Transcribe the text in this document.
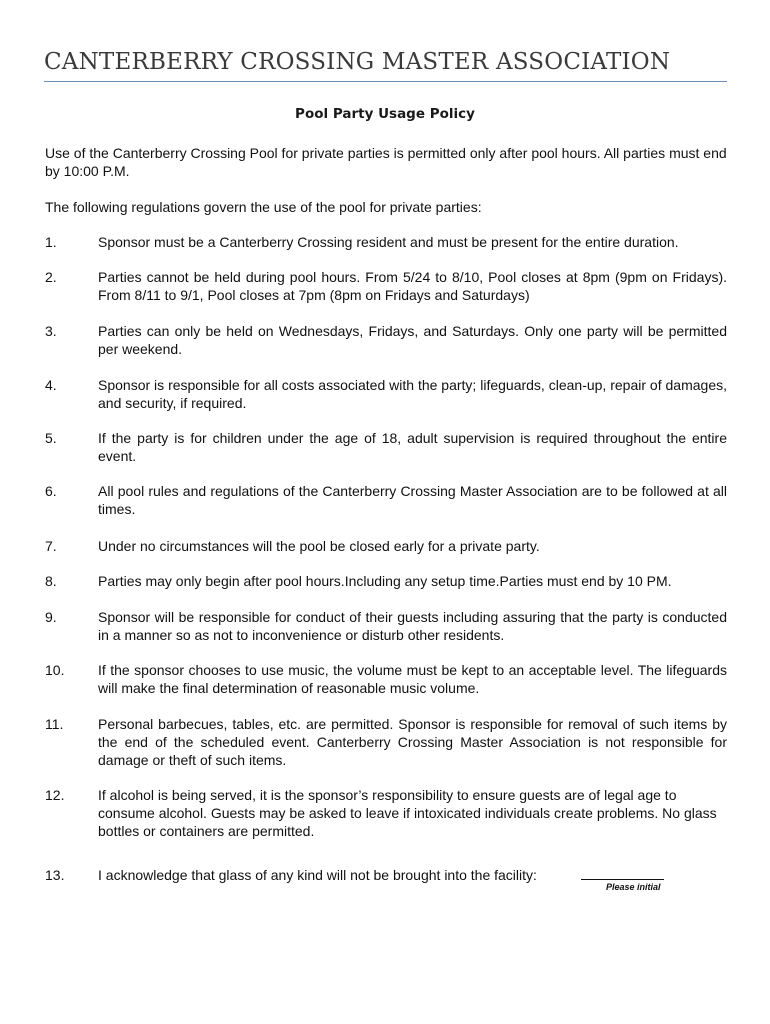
CANTERBERRY CROSSING MASTER ASSOCIATION
Pool Party Usage Policy
Use of the Canterberry Crossing Pool for private parties is permitted only after pool hours. All parties must end by 10:00 P.M.
The following regulations govern the use of the pool for private parties:
1.	Sponsor must be a Canterberry Crossing resident and must be present for the entire duration.
2.	Parties cannot be held during pool hours. From 5/24 to 8/10, Pool closes at 8pm (9pm on Fridays). From 8/11 to 9/1, Pool closes at 7pm (8pm on Fridays and Saturdays)
3.	Parties can only be held on Wednesdays, Fridays, and Saturdays. Only one party will be permitted per weekend.
4.	Sponsor is responsible for all costs associated with the party; lifeguards, clean-up, repair of damages, and security, if required.
5.	If the party is for children under the age of 18, adult supervision is required throughout the entire event.
6.	All pool rules and regulations of the Canterberry Crossing Master Association are to be followed at all times.
7.	Under no circumstances will the pool be closed early for a private party.
8.	Parties may only begin after pool hours.Including any setup time.Parties must end by 10 PM.
9.	Sponsor will be responsible for conduct of their guests including assuring that the party is conducted in a manner so as not to inconvenience or disturb other residents.
10.	If the sponsor chooses to use music, the volume must be kept to an acceptable level. The lifeguards will make the final determination of reasonable music volume.
11.	Personal barbecues, tables, etc. are permitted. Sponsor is responsible for removal of such items by the end of the scheduled event. Canterberry Crossing Master Association is not responsible for damage or theft of such items.
12.	If alcohol is being served, it is the sponsor’s responsibility to ensure guests are of legal age to consume alcohol. Guests may be asked to leave if intoxicated individuals create problems. No glass bottles or containers are permitted.
13.	I acknowledge that glass of any kind will not be brought into the facility:
Please initial
